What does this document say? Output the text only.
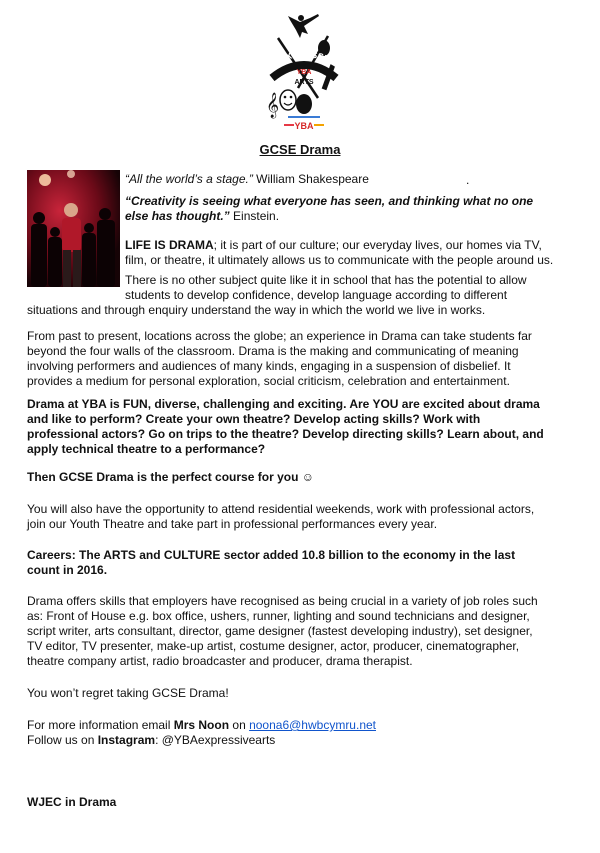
EXPRESSIVE
ARTS
YBA
𝄞
YBA
GCSE Drama

“All the world’s a stage.” William Shakespeare	.

“Creativity is seeing what everyone has seen, and thinking what no one
else has thought.” Einstein.

LIFE IS DRAMA; it is part of our culture; our everyday lives, our homes via TV,
film, or theatre, it ultimately allows us to communicate with the people around us.

There is no other subject quite like it in school that has the potential to allow
students to develop confidence, develop language according to different

situations and through enquiry understand the way in which the world we live in works.

From past to present, locations across the globe; an experience in Drama can take students far
beyond the four walls of the classroom. Drama is the making and communicating of meaning
involving performers and audiences of many kinds, engaging in a suspension of disbelief. It
provides a medium for personal exploration, social criticism, celebration and entertainment.

Drama at YBA is FUN, diverse, challenging and exciting. Are YOU are excited about drama
and like to perform? Create your own theatre? Develop acting skills? Work with
professional actors? Go on trips to the theatre? Develop directing skills? Learn about, and
apply technical theatre to a performance?

Then GCSE Drama is the perfect course for you ☺

You will also have the opportunity to attend residential weekends, work with professional actors,
join our Youth Theatre and take part in professional performances every year.

Careers: The ARTS and CULTURE sector added 10.8 billion to the economy in the last
count in 2016.

Drama offers skills that employers have recognised as being crucial in a variety of job roles such
as: Front of House e.g. box office, ushers, runner, lighting and sound technicians and designer,
script writer, arts consultant, director, game designer (fastest developing industry), set designer,
TV editor, TV presenter, make-up artist, costume designer, actor, producer, cinematographer,
theatre company artist, radio broadcaster and producer, drama therapist.

You won’t regret taking GCSE Drama!

For more information email Mrs Noon on noona6@hwbcymru.net
Follow us on Instagram: @YBAexpressivearts

WJEC in Drama
